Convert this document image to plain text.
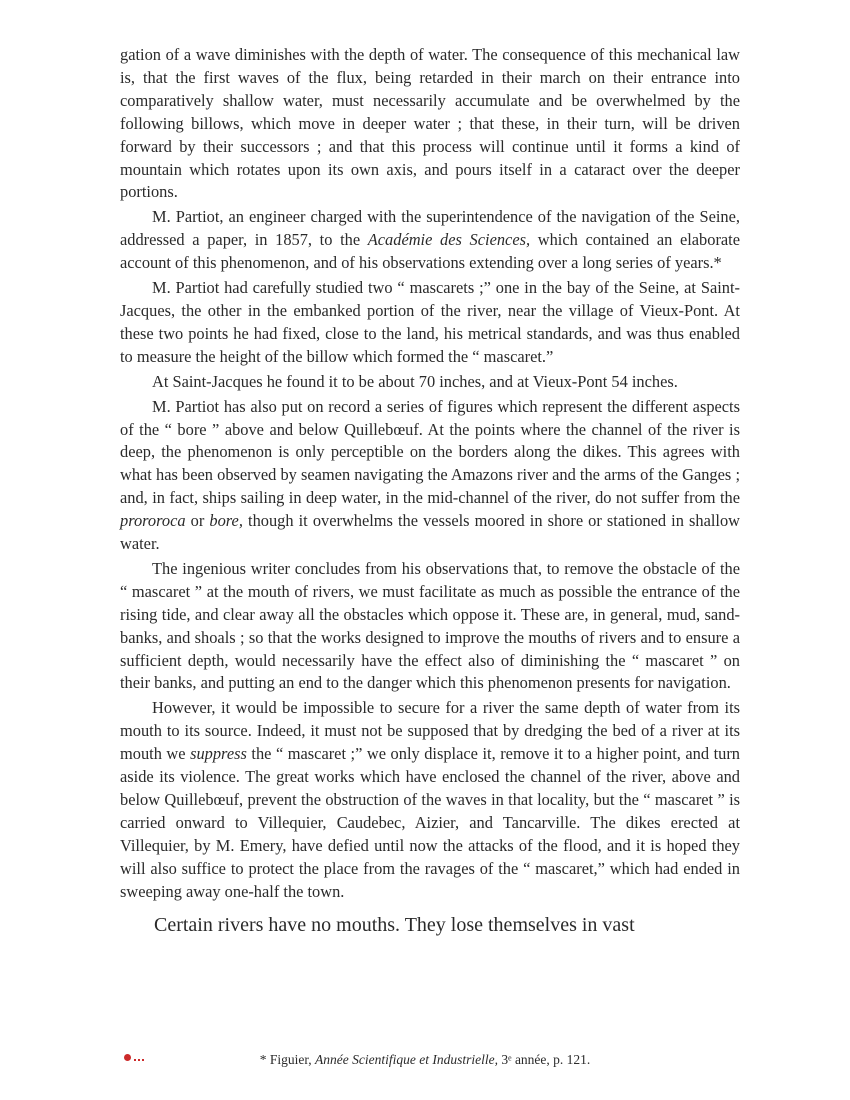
gation of a wave diminishes with the depth of water. The consequence of this mechanical law is, that the first waves of the flux, being retarded in their march on their entrance into comparatively shallow water, must necessarily accumulate and be overwhelmed by the following billows, which move in deeper water ; that these, in their turn, will be driven forward by their successors ; and that this process will continue until it forms a kind of mountain which rotates upon its own axis, and pours itself in a cataract over the deeper portions.

M. Partiot, an engineer charged with the superintendence of the navigation of the Seine, addressed a paper, in 1857, to the Académie des Sciences, which contained an elaborate account of this phenomenon, and of his observations extending over a long series of years.*

M. Partiot had carefully studied two “ mascarets ;” one in the bay of the Seine, at Saint-Jacques, the other in the embanked portion of the river, near the village of Vieux-Pont. At these two points he had fixed, close to the land, his metrical standards, and was thus enabled to measure the height of the billow which formed the “ mascaret.”

At Saint-Jacques he found it to be about 70 inches, and at Vieux-Pont 54 inches.

M. Partiot has also put on record a series of figures which represent the different aspects of the “ bore ” above and below Quillebœuf. At the points where the channel of the river is deep, the phenomenon is only perceptible on the borders along the dikes. This agrees with what has been observed by seamen navigating the Amazons river and the arms of the Ganges ; and, in fact, ships sailing in deep water, in the mid-channel of the river, do not suffer from the prororoca or bore, though it overwhelms the vessels moored in shore or stationed in shallow water.

The ingenious writer concludes from his observations that, to remove the obstacle of the “ mascaret ” at the mouth of rivers, we must facilitate as much as possible the entrance of the rising tide, and clear away all the obstacles which oppose it. These are, in general, mud, sand-banks, and shoals ; so that the works designed to improve the mouths of rivers and to ensure a sufficient depth, would necessarily have the effect also of diminishing the “ mascaret ” on their banks, and putting an end to the danger which this phenomenon presents for navigation.

However, it would be impossible to secure for a river the same depth of water from its mouth to its source. Indeed, it must not be supposed that by dredging the bed of a river at its mouth we suppress the “ mascaret ;” we only displace it, remove it to a higher point, and turn aside its violence. The great works which have enclosed the channel of the river, above and below Quillebœuf, prevent the obstruction of the waves in that locality, but the “ mascaret ” is carried onward to Villequier, Caudebec, Aizier, and Tancarville. The dikes erected at Villequier, by M. Emery, have defied until now the attacks of the flood, and it is hoped they will also suffice to protect the place from the ravages of the “ mascaret,” which had ended in sweeping away one-half the town.

Certain rivers have no mouths. They lose themselves in vast

* Figuier, Année Scientifique et Industrielle, 3ᵉ année, p. 121.
